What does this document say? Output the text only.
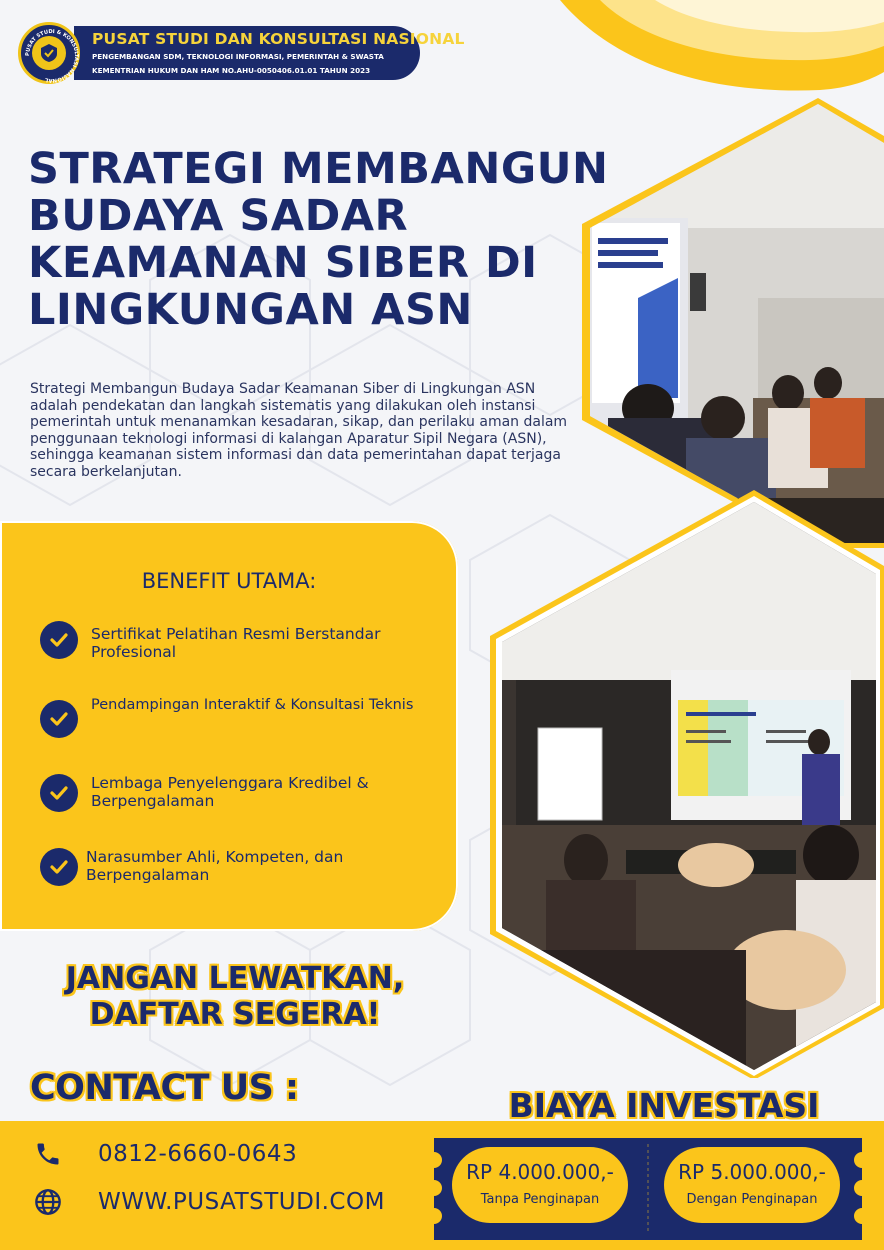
PUSAT STUDI DAN KONSULTASI NASIONAL
PENGEMBANGAN SDM, TEKNOLOGI INFORMASI, PEMERINTAH & SWASTA
KEMENTRIAN HUKUM DAN HAM NO.AHU-0050406.01.01 TAHUN 2023
PUSAT STUDI & KONSULTASI NASIONAL
STRATEGI MEMBANGUN BUDAYA SADAR KEAMANAN SIBER DI LINGKUNGAN ASN

Strategi Membangun Budaya Sadar Keamanan Siber di Lingkungan ASN adalah pendekatan dan langkah sistematis yang dilakukan oleh instansi pemerintah untuk menanamkan kesadaran, sikap, dan perilaku aman dalam penggunaan teknologi informasi di kalangan Aparatur Sipil Negara (ASN), sehingga keamanan sistem informasi dan data pemerintahan dapat terjaga secara berkelanjutan.

BENEFIT UTAMA:
Sertifikat Pelatihan Resmi Berstandar Profesional
Pendampingan Interaktif & Konsultasi Teknis
Lembaga Penyelenggara Kredibel & Berpengalaman
Narasumber Ahli, Kompeten, dan Berpengalaman
JANGAN LEWATKAN,
DAFTAR SEGERA!
CONTACT US :
0812-6660-0643
WWW.PUSATSTUDI.COM
BIAYA INVESTASI
RP 4.000.000,-
Tanpa Penginapan
RP 5.000.000,-
Dengan Penginapan
